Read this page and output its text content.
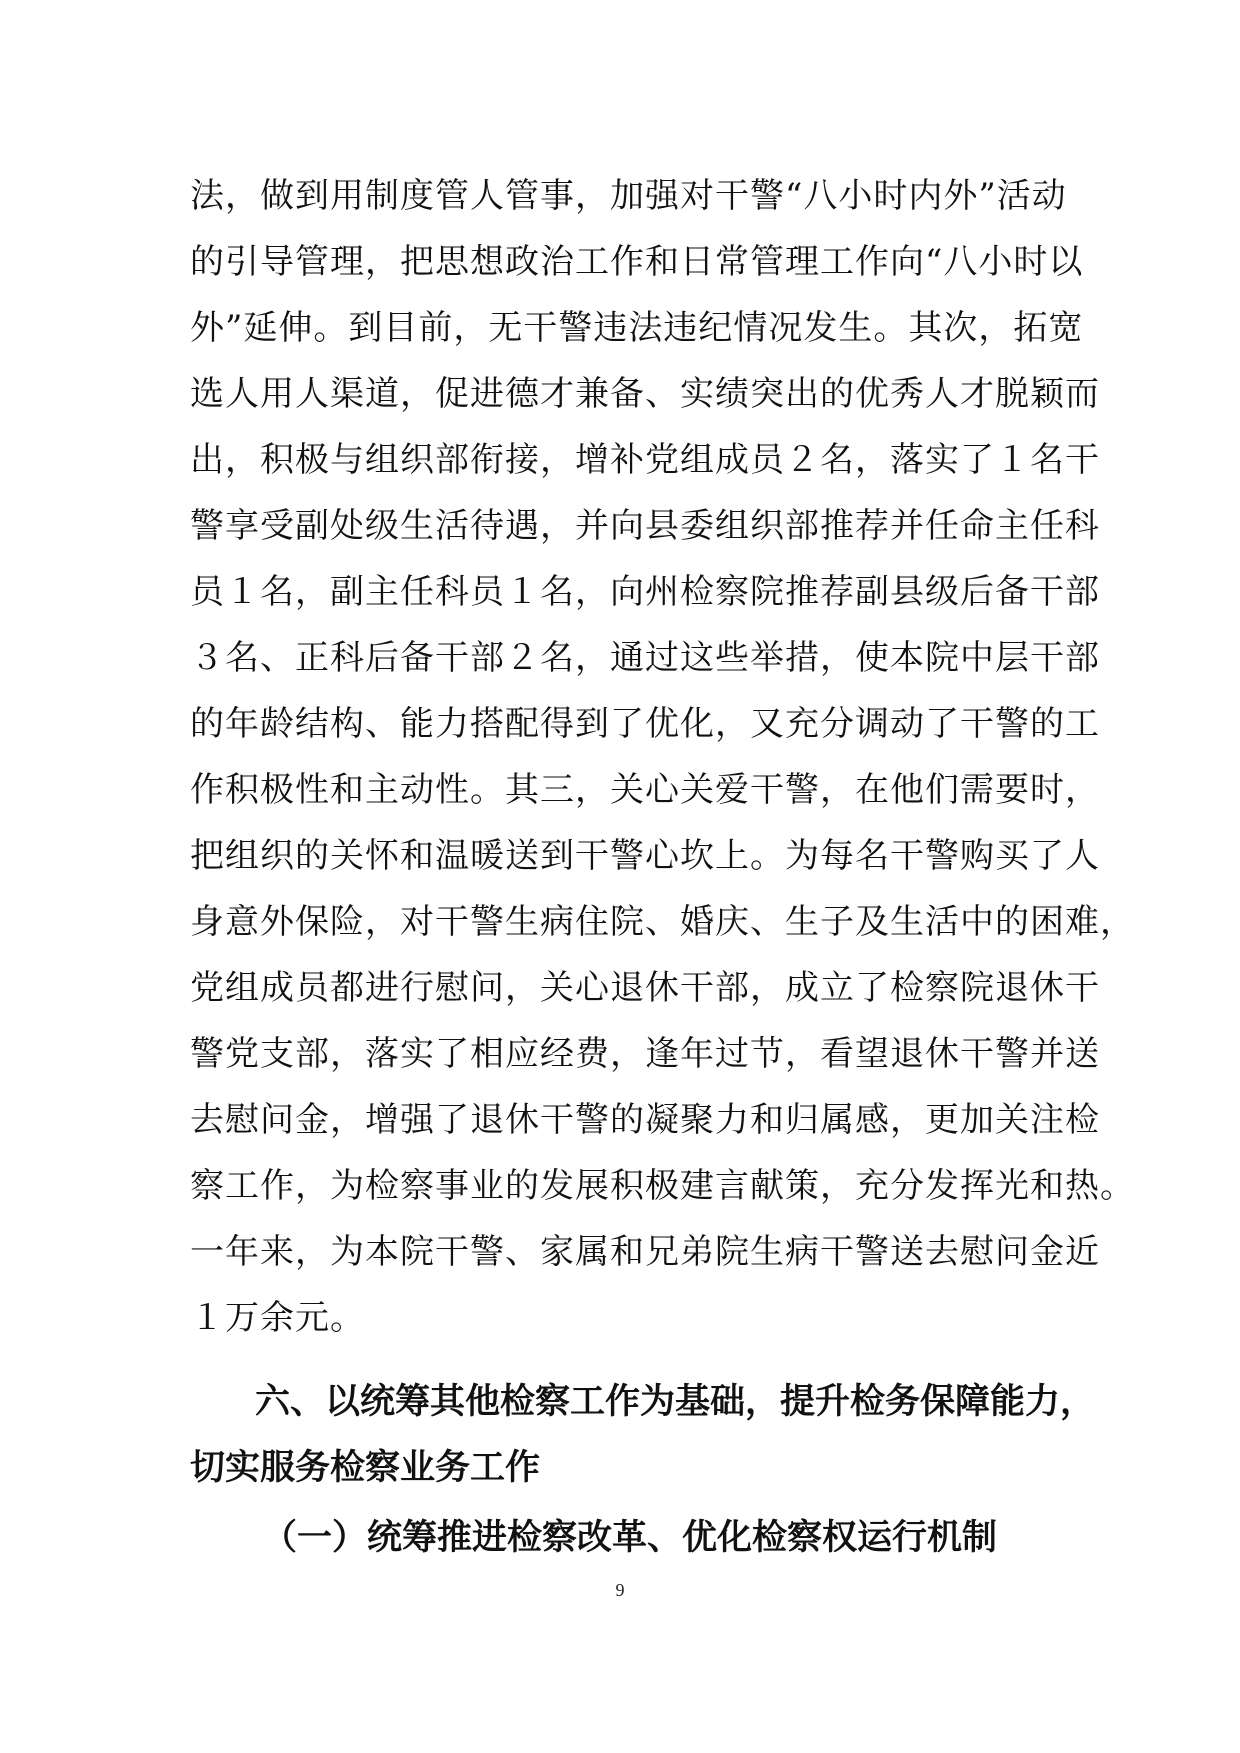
法，做到用制度管人管事，加强对干警“八小时内外”活动
的引导管理，把思想政治工作和日常管理工作向“八小时以
外”延伸。到目前，无干警违法违纪情况发生。其次，拓宽
选人用人渠道，促进德才兼备、实绩突出的优秀人才脱颖而
出，积极与组织部衔接，增补党组成员２名，落实了１名干
警享受副处级生活待遇，并向县委组织部推荐并任命主任科
员１名，副主任科员１名，向州检察院推荐副县级后备干部
３名、正科后备干部２名，通过这些举措，使本院中层干部
的年龄结构、能力搭配得到了优化，又充分调动了干警的工
作积极性和主动性。其三，关心关爱干警，在他们需要时，
把组织的关怀和温暖送到干警心坎上。为每名干警购买了人
身意外保险，对干警生病住院、婚庆、生子及生活中的困难，
党组成员都进行慰问，关心退休干部，成立了检察院退休干
警党支部，落实了相应经费，逢年过节，看望退休干警并送
去慰问金，增强了退休干警的凝聚力和归属感，更加关注检
察工作，为检察事业的发展积极建言献策，充分发挥光和热。
一年来，为本院干警、家属和兄弟院生病干警送去慰问金近
１万余元。
六、以统筹其他检察工作为基础，提升检务保障能力，
切实服务检察业务工作
（一）统筹推进检察改革、优化检察权运行机制
9
